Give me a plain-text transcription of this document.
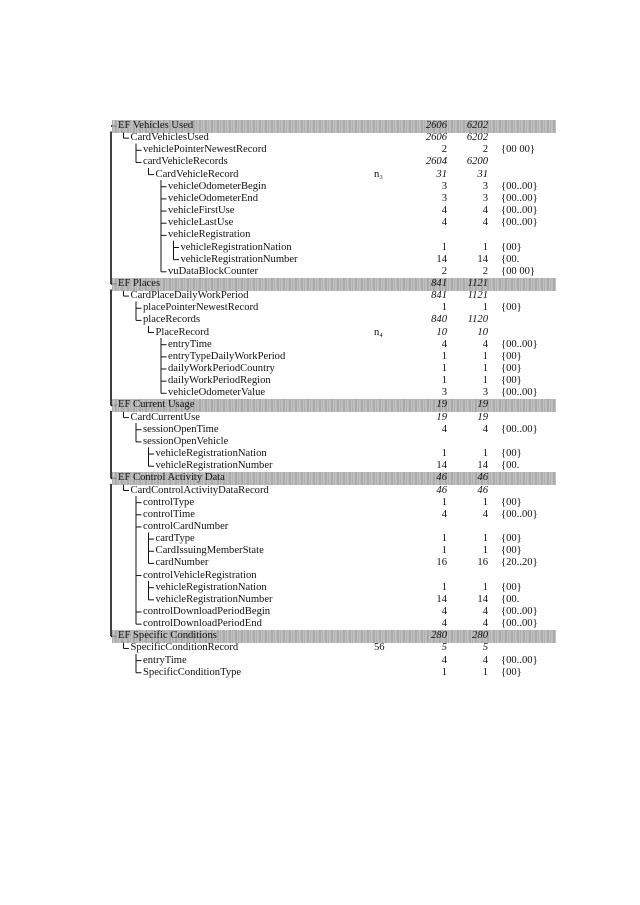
EF Vehicles Used	2606 6202
CardVehiclesUsed	2606 6202
vehiclePointerNewestRecord	2	2 {00 00}
cardVehicleRecords	2604 6200
CardVehicleRecord	n₃	31	31
vehicleOdometerBegin	3	3 {00..00}
vehicleOdometerEnd	3	3 {00..00}
vehicleFirstUse	4	4 {00..00}
vehicleLastUse	4	4 {00..00}
vehicleRegistration
vehicleRegistrationNation	1	1 {00}
vehicleRegistrationNumber	14	14 {00.
vuDataBlockCounter	2	2 {00 00}
EF Places	841 1121
CardPlaceDailyWorkPeriod	841 1121
placePointerNewestRecord	1	1 {00}
placeRecords	840 1120
PlaceRecord	n₄	10	10
entryTime	4	4 {00..00}
entryTypeDailyWorkPeriod	1	1 {00}
dailyWorkPeriodCountry	1	1 {00}
dailyWorkPeriodRegion	1	1 {00}
vehicleOdometerValue	3	3 {00..00}
EF Current Usage	19	19
CardCurrentUse	19	19
sessionOpenTime	4	4 {00..00}
sessionOpenVehicle
vehicleRegistrationNation	1	1 {00}
vehicleRegistrationNumber	14	14 {00.
EF Control Activity Data	46	46
CardControlActivityDataRecord	46	46
controlType	1	1 {00}
controlTime	4	4 {00..00}
controlCardNumber
cardType	1	1 {00}
CardIssuingMemberState	1	1 {00}
cardNumber	16	16 {20..20}
controlVehicleRegistration
vehicleRegistrationNation	1	1 {00}
vehicleRegistrationNumber	14	14 {00.
controlDownloadPeriodBegin	4	4 {00..00}
controlDownloadPeriodEnd	4	4 {00..00}
EF Specific Conditions	280 280
SpecificConditionRecord	56	5	5
entryTime	4	4 {00..00}
SpecificConditionType	1	1 {00}
